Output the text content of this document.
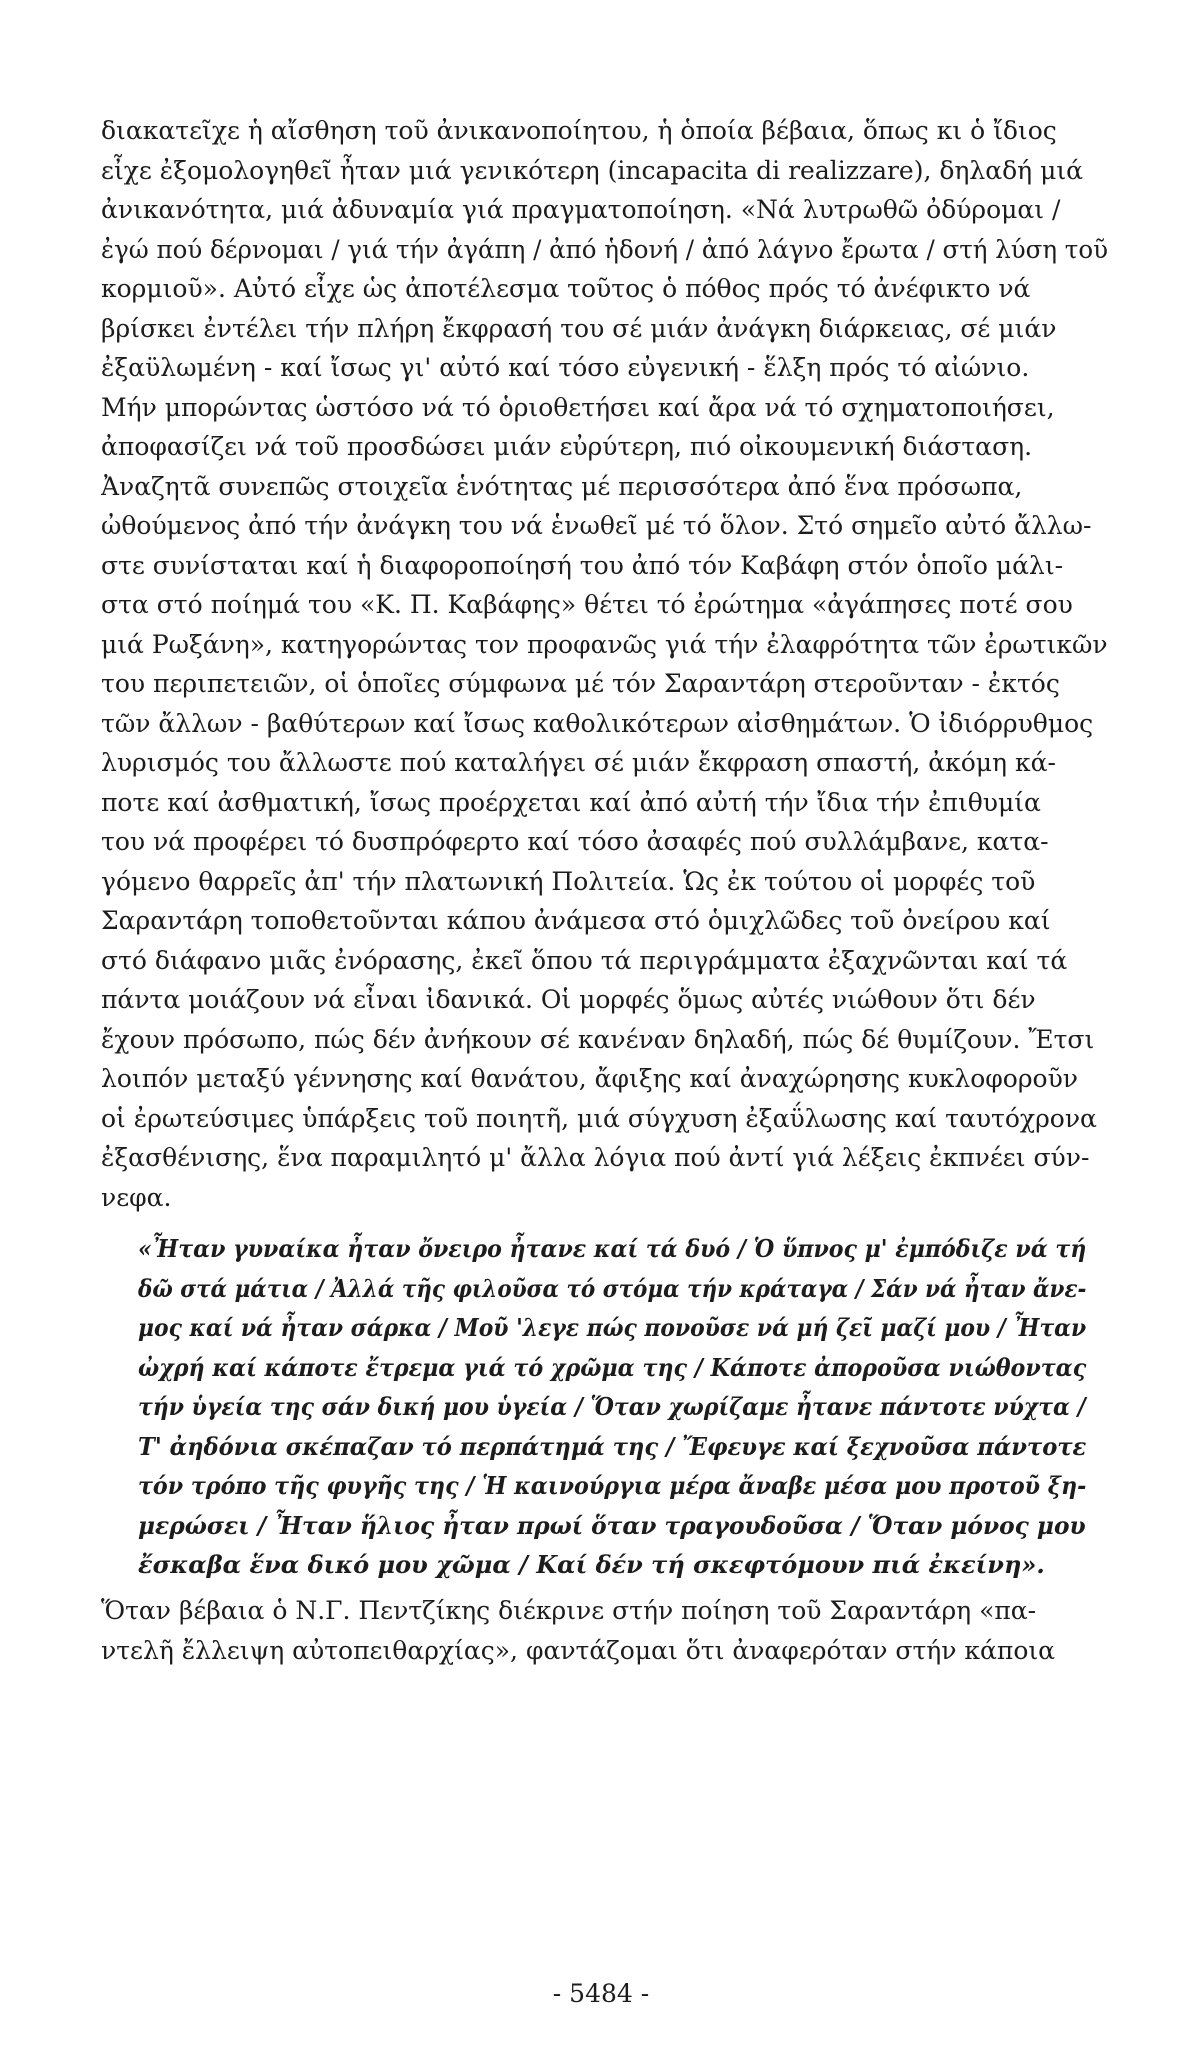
διακατεῖχε ἡ αἴσθηση τοῦ ἀνικανοποίητου, ἡ ὁποία βέβαια, ὅπως κι ὁ ἴδιος
εἶχε ἐξομολογηθεῖ ἦταν μιά γενικότερη (incapacita di realizzare), δηλαδή μιά
ἀνικανότητα, μιά ἀδυναμία γιά πραγματοποίηση. «Νά λυτρωθῶ ὀδύρομαι /
ἐγώ πού δέρνομαι / γιά τήν ἀγάπη / ἀπό ἡδονή / ἀπό λάγνο ἔρωτα / στή λύση τοῦ
κορμιοῦ». Αὐτό εἶχε ὡς ἀποτέλεσμα τοῦτος ὁ πόθος πρός τό ἀνέφικτο νά
βρίσκει ἐντέλει τήν πλήρη ἔκφρασή του σέ μιάν ἀνάγκη διάρκειας, σέ μιάν
ἐξαϋλωμένη - καί ἴσως γι' αὐτό καί τόσο εὐγενική - ἕλξη πρός τό αἰώνιο.
Μήν μπορώντας ὡστόσο νά τό ὁριοθετήσει καί ἄρα νά τό σχηματοποιήσει,
ἀποφασίζει νά τοῦ προσδώσει μιάν εὐρύτερη, πιό οἰκουμενική διάσταση.
Ἀναζητᾶ συνεπῶς στοιχεῖα ἑνότητας μέ περισσότερα ἀπό ἕνα πρόσωπα,
ὠθούμενος ἀπό τήν ἀνάγκη του νά ἑνωθεῖ μέ τό ὅλον. Στό σημεῖο αὐτό ἄλλω-
στε συνίσταται καί ἡ διαφοροποίησή του ἀπό τόν Καβάφη στόν ὁποῖο μάλι-
στα στό ποίημά του «Κ. Π. Καβάφης» θέτει τό ἐρώτημα «ἀγάπησες ποτέ σου
μιά Ρωξάνη», κατηγορώντας τον προφανῶς γιά τήν ἐλαφρότητα τῶν ἐρωτικῶν
του περιπετειῶν, οἱ ὁποῖες σύμφωνα μέ τόν Σαραντάρη στεροῦνταν - ἐκτός
τῶν ἄλλων - βαθύτερων καί ἴσως καθολικότερων αἰσθημάτων. Ὁ ἰδιόρρυθμος
λυρισμός του ἄλλωστε πού καταλήγει σέ μιάν ἔκφραση σπαστή, ἀκόμη κά-
ποτε καί ἀσθματική, ἴσως προέρχεται καί ἀπό αὐτή τήν ἴδια τήν ἐπιθυμία
του νά προφέρει τό δυσπρόφερτο καί τόσο ἀσαφές πού συλλάμβανε, κατα-
γόμενο θαρρεῖς ἀπ' τήν πλατωνική Πολιτεία. Ὡς ἐκ τούτου οἱ μορφές τοῦ
Σαραντάρη τοποθετοῦνται κάπου ἀνάμεσα στό ὁμιχλῶδες τοῦ ὀνείρου καί
στό διάφανο μιᾶς ἐνόρασης, ἐκεῖ ὅπου τά περιγράμματα ἐξαχνῶνται καί τά
πάντα μοιάζουν νά εἶναι ἰδανικά. Οἱ μορφές ὅμως αὐτές νιώθουν ὅτι δέν
ἔχουν πρόσωπο, πώς δέν ἀνήκουν σέ κανέναν δηλαδή, πώς δέ θυμίζουν. Ἔτσι
λοιπόν μεταξύ γέννησης καί θανάτου, ἄφιξης καί ἀναχώρησης κυκλοφοροῦν
οἱ ἐρωτεύσιμες ὑπάρξεις τοῦ ποιητῆ, μιά σύγχυση ἐξαΰλωσης καί ταυτόχρονα
ἐξασθένισης, ἕνα παραμιλητό μ' ἄλλα λόγια πού ἀντί γιά λέξεις ἐκπνέει σύν-
νεφα.
«Ἦταν γυναίκα ἦταν ὄνειρο ἦτανε καί τά δυό / Ὁ ὕπνος μ' ἐμπόδιζε νά τή
δῶ στά μάτια / Ἀλλά τῆς φιλοῦσα τό στόμα τήν κράταγα / Σάν νά ἦταν ἄνε-
μος καί νά ἦταν σάρκα / Μοῦ 'λεγε πώς πονοῦσε νά μή ζεῖ μαζί μου / Ἦταν
ὠχρή καί κάποτε ἔτρεμα γιά τό χρῶμα της / Κάποτε ἀποροῦσα νιώθοντας
τήν ὑγεία της σάν δική μου ὑγεία / Ὅταν χωρίζαμε ἦτανε πάντοτε νύχτα /
Τ' ἀηδόνια σκέπαζαν τό περπάτημά της / Ἔφευγε καί ξεχνοῦσα πάντοτε
τόν τρόπο τῆς φυγῆς της / Ἡ καινούργια μέρα ἄναβε μέσα μου προτοῦ ξη-
μερώσει / Ἦταν ἥλιος ἦταν πρωί ὅταν τραγουδοῦσα / Ὅταν μόνος μου
ἔσκαβα ἕνα δικό μου χῶμα / Καί δέν τή σκεφτόμουν πιά ἐκείνη».
Ὅταν βέβαια ὁ Ν.Γ. Πεντζίκης διέκρινε στήν ποίηση τοῦ Σαραντάρη «πα-
ντελῆ ἔλλειψη αὐτοπειθαρχίας», φαντάζομαι ὅτι ἀναφερόταν στήν κάποια
- 5484 -
